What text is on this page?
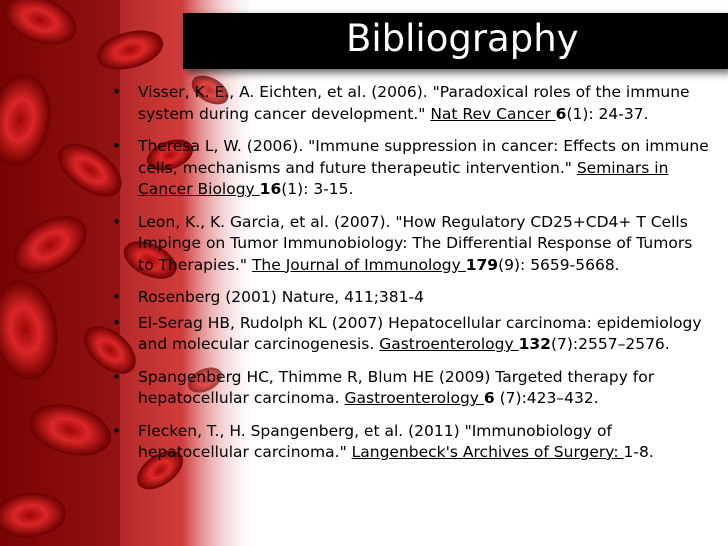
Bibliography
• Visser, K. E., A. Eichten, et al. (2006). "Paradoxical roles of the immune system during cancer development." Nat Rev Cancer 6(1): 24-37.
• Theresa L, W. (2006). "Immune suppression in cancer: Effects on immune cells, mechanisms and future therapeutic intervention." Seminars in Cancer Biology 16(1): 3-15.
• Leon, K., K. Garcia, et al. (2007). "How Regulatory CD25+CD4+ T Cells Impinge on Tumor Immunobiology: The Differential Response of Tumors to Therapies." The Journal of Immunology 179(9): 5659-5668.
• Rosenberg (2001) Nature, 411;381-4
• El-Serag HB, Rudolph KL (2007) Hepatocellular carcinoma: epidemiology and molecular carcinogenesis. Gastroenterology 132(7):2557–2576.
• Spangenberg HC, Thimme R, Blum HE (2009) Targeted therapy for hepatocellular carcinoma. Gastroenterology 6 (7):423–432.
• Flecken, T., H. Spangenberg, et al. (2011) "Immunobiology of hepatocellular carcinoma." Langenbeck's Archives of Surgery: 1-8.
